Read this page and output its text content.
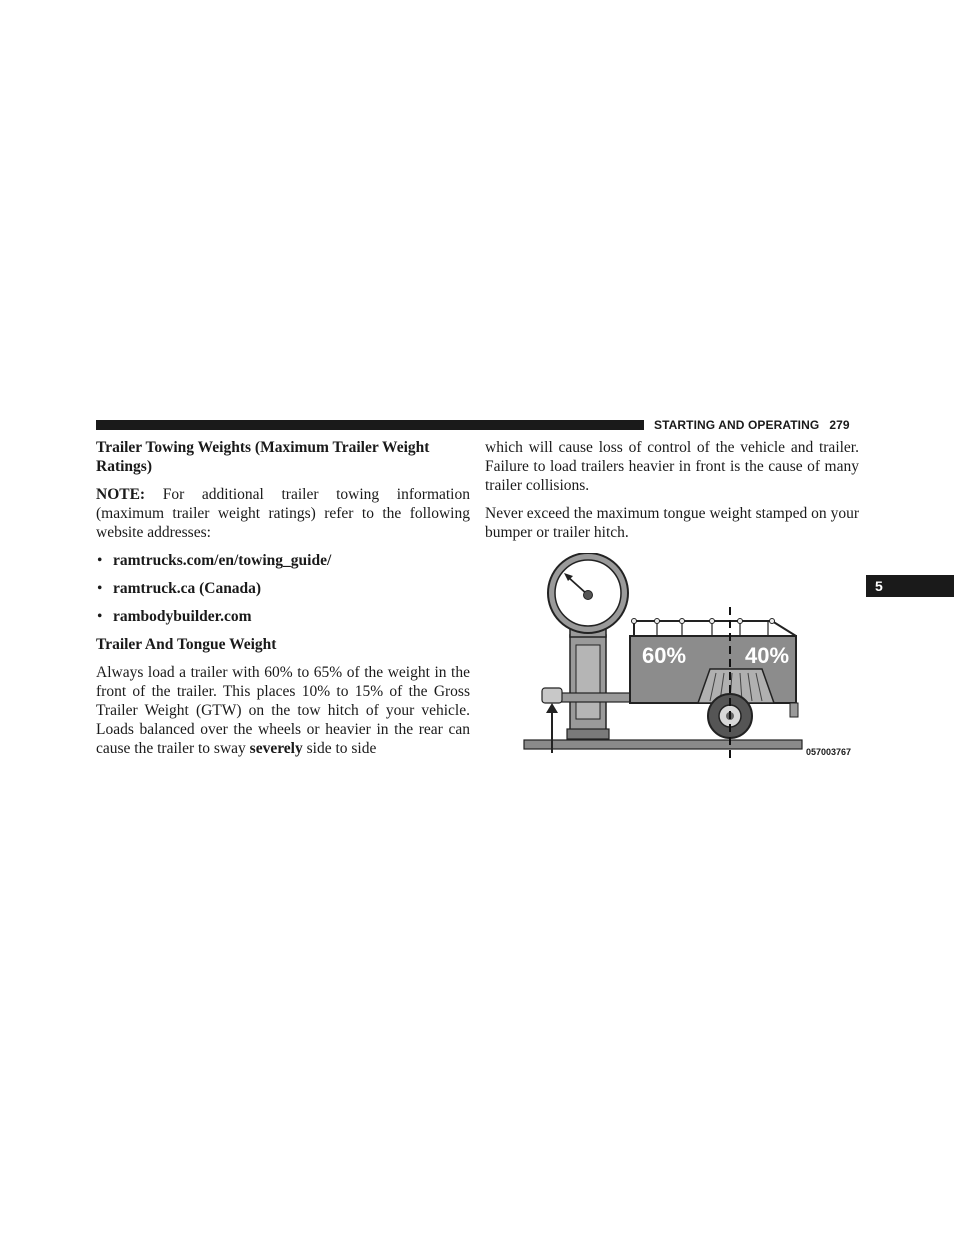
STARTING AND OPERATING 279
5

Trailer Towing Weights (Maximum Trailer Weight Ratings)

NOTE: For additional trailer towing information (maximum trailer weight ratings) refer to the following website addresses:

• ramtrucks.com/en/towing_guide/

• ramtruck.ca (Canada)

• rambodybuilder.com

Trailer And Tongue Weight

Always load a trailer with 60% to 65% of the weight in the front of the trailer. This places 10% to 15% of the Gross Trailer Weight (GTW) on the tow hitch of your vehicle. Loads balanced over the wheels or heavier in the rear can cause the trailer to sway severely side to side

which will cause loss of control of the vehicle and trailer. Failure to load trailers heavier in front is the cause of many trailer collisions.

Never exceed the maximum tongue weight stamped on your bumper or trailer hitch.

60%	40%
057003767
